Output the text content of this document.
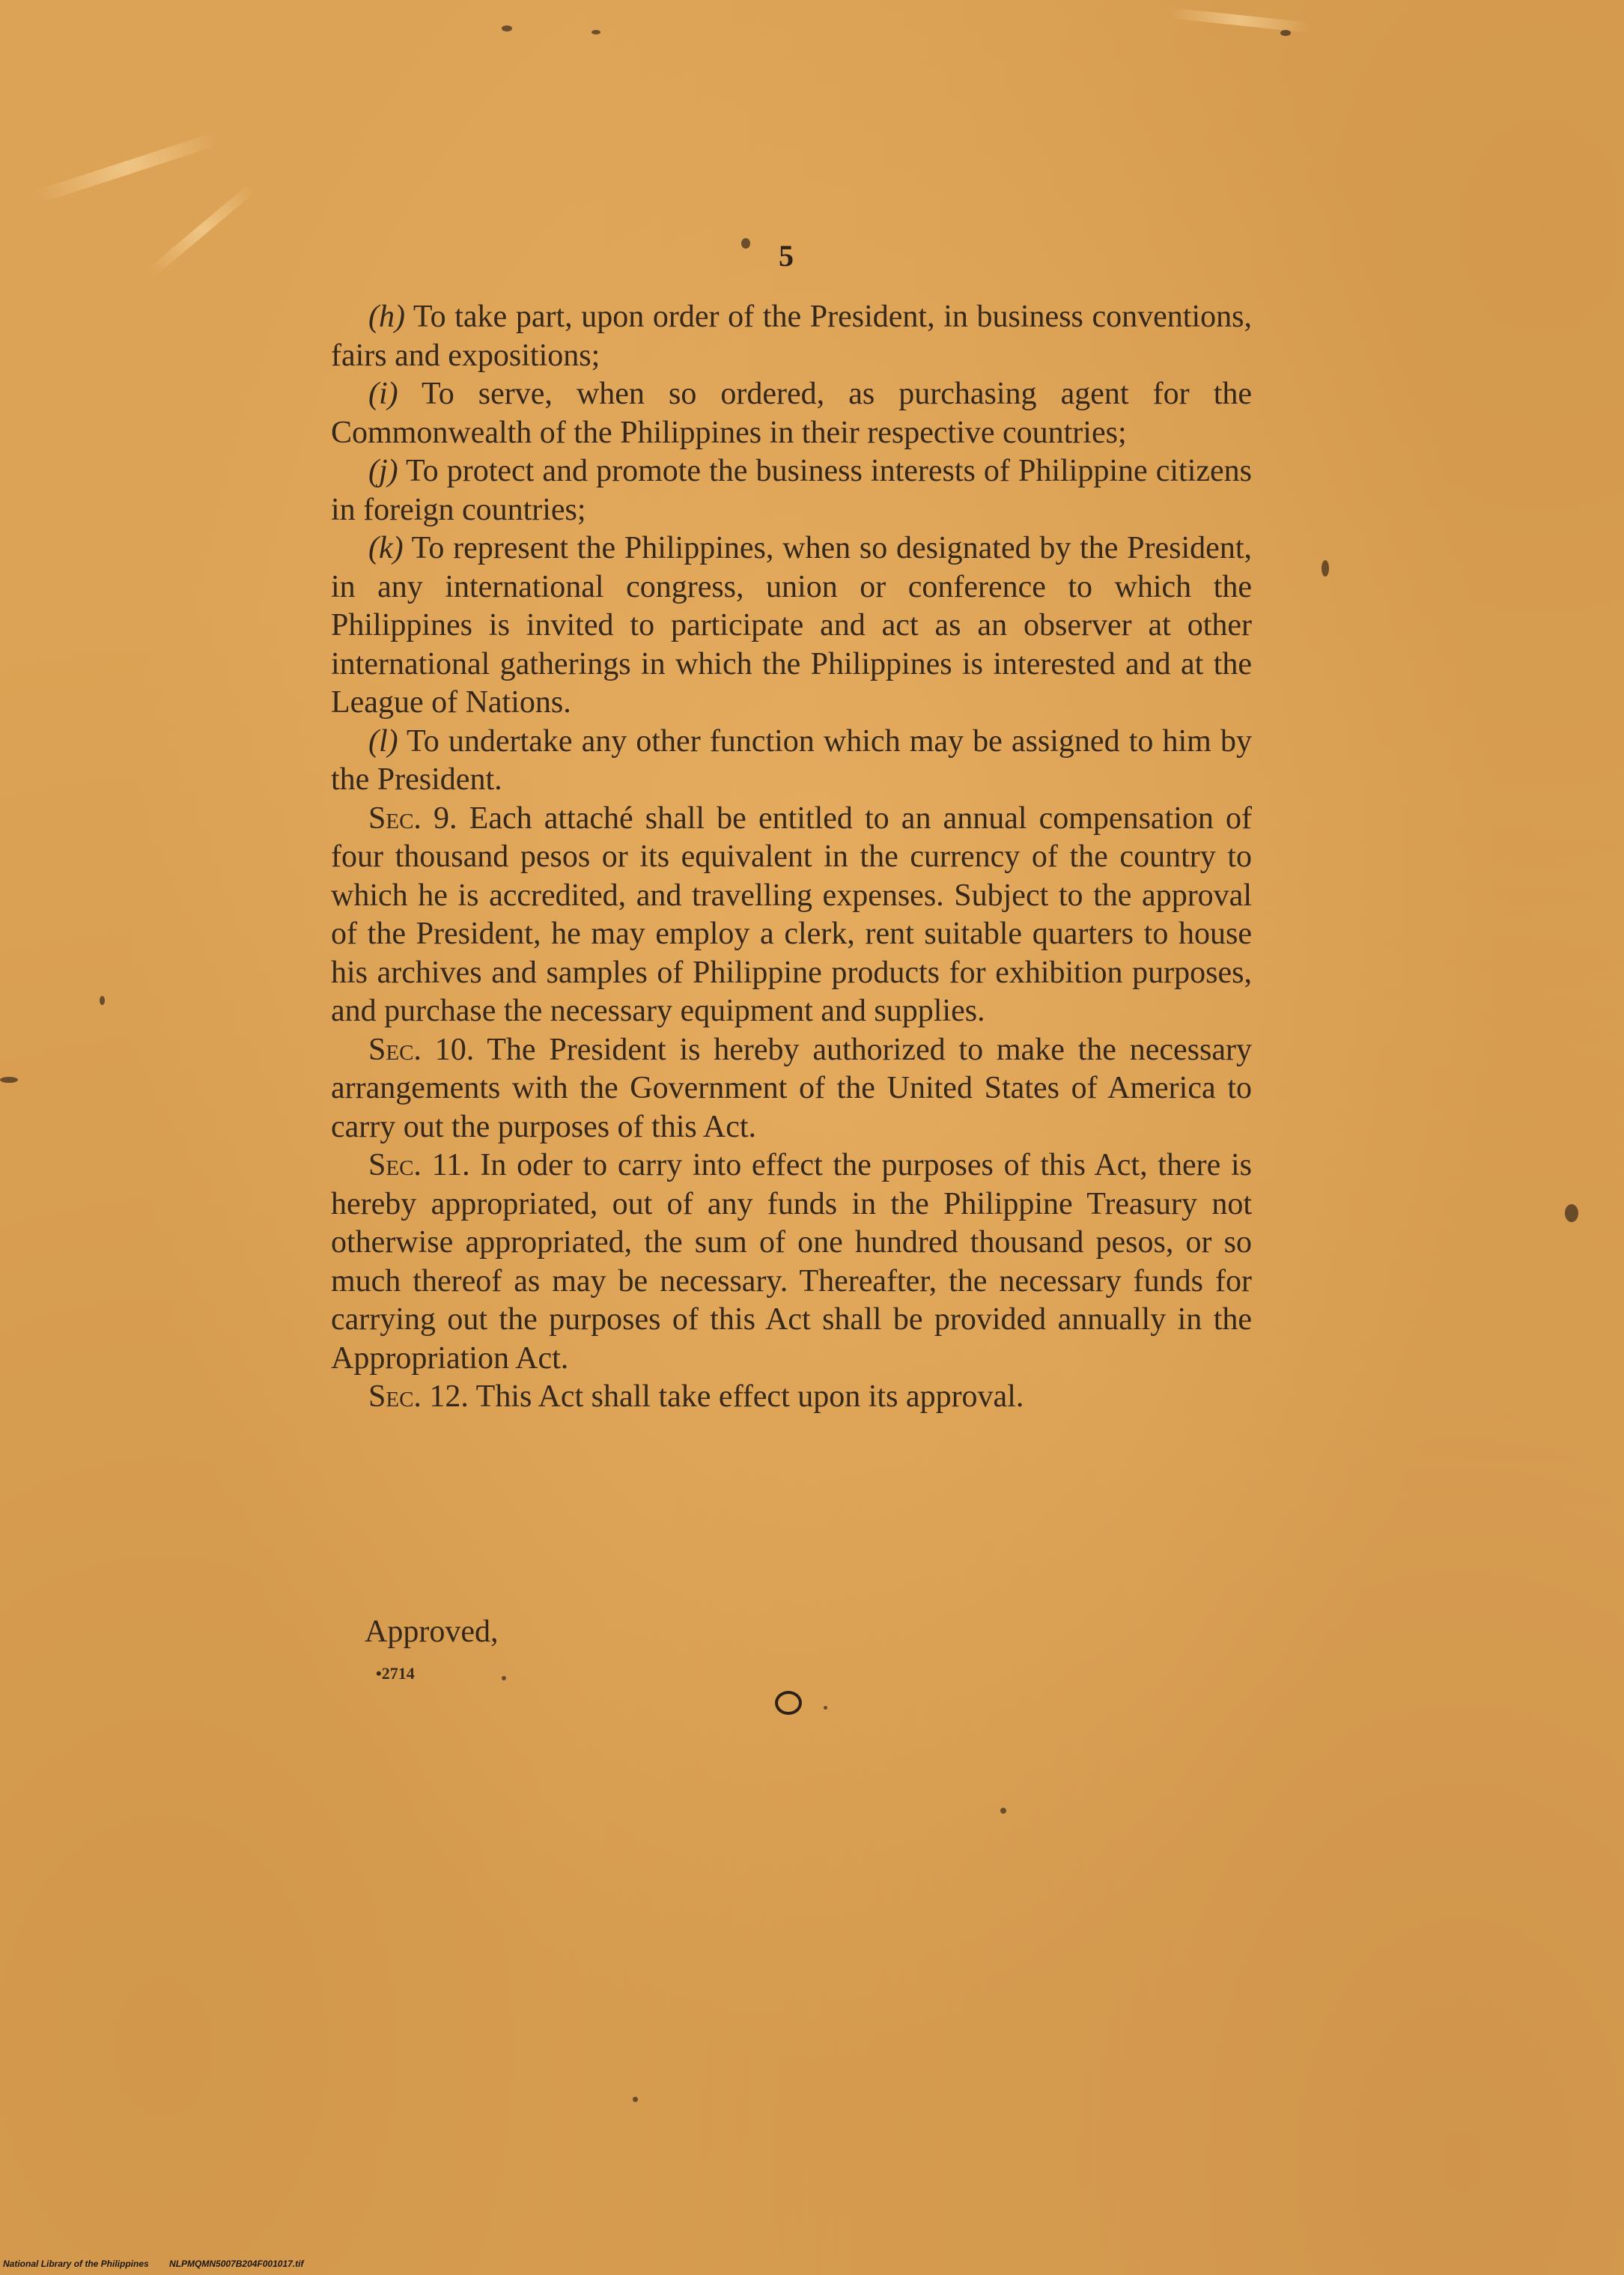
5

(h) To take part, upon order of the President, in business conventions, fairs and expositions;

(i) To serve, when so ordered, as purchasing agent for the Commonwealth of the Philippines in their respective countries;

(j) To protect and promote the business interests of Philippine citizens in foreign countries;

(k) To represent the Philippines, when so designated by the President, in any international congress, union or conference to which the Philippines is invited to participate and act as an observer at other international gatherings in which the Philippines is interested and at the League of Nations.

(l) To undertake any other function which may be assigned to him by the President.

Sec. 9. Each attaché shall be entitled to an annual compensation of four thousand pesos or its equivalent in the currency of the country to which he is accredited, and travelling expenses. Subject to the approval of the President, he may employ a clerk, rent suitable quarters to house his archives and samples of Philippine products for exhibition purposes, and purchase the necessary equipment and supplies.

Sec. 10. The President is hereby authorized to make the necessary arrangements with the Government of the United States of America to carry out the purposes of this Act.

Sec. 11. In oder to carry into effect the purposes of this Act, there is hereby appropriated, out of any funds in the Philippine Treasury not otherwise appropriated, the sum of one hundred thousand pesos, or so much thereof as may be necessary. Thereafter, the necessary funds for carrying out the purposes of this Act shall be provided annually in the Appropriation Act.

Sec. 12. This Act shall take effect upon its approval.

Approved,
• 2714
National Library of the Philippines NLPMQMN5007B204F001017.tif
